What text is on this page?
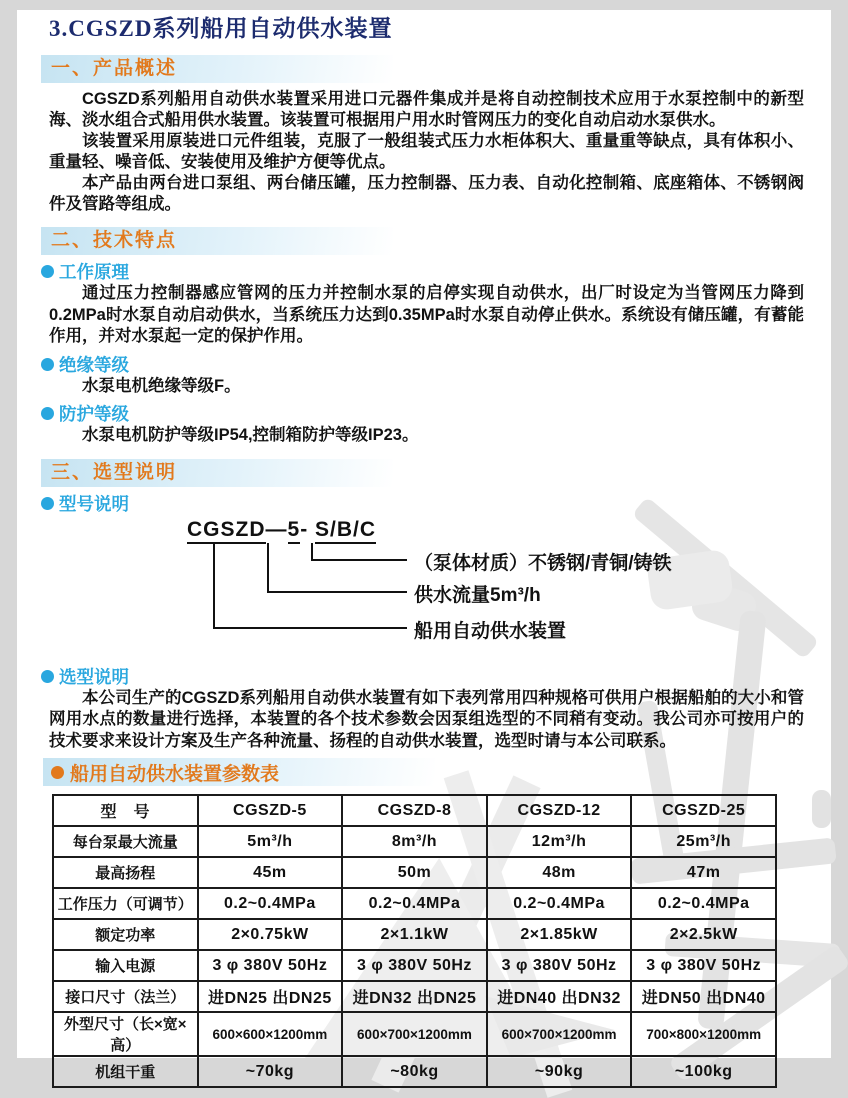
3.CGSZD系列船用自动供水装置
一、产品概述

CGSZD系列船用自动供水装置采用进口元器件集成并是将自动控制技术应用于水泵控制中的新型海、淡水组合式船用供水装置。该装置可根据用户用水时管网压力的变化自动启动水泵供水。

该装置采用原装进口元件组装，克服了一般组装式压力水柜体积大、重量重等缺点，具有体积小、重量轻、噪音低、安装使用及维护方便等优点。

本产品由两台进口泵组、两台储压罐，压力控制器、压力表、自动化控制箱、底座箱体、不锈钢阀件及管路等组成。

二、技术特点
工作原理

通过压力控制器感应管网的压力并控制水泵的启停实现自动供水，出厂时设定为当管网压力降到0.2MPa时水泵自动启动供水，当系统压力达到0.35MPa时水泵自动停止供水。系统设有储压罐，有蓄能作用，并对水泵起一定的保护作用。

绝缘等级

水泵电机绝缘等级F。

防护等级

水泵电机防护等级IP54,控制箱防护等级IP23。

三、选型说明
型号说明
CGSZD—5- S/B/C
（泵体材质）不锈钢/青铜/铸铁
供水流量5m³/h
船用自动供水装置
选型说明

本公司生产的CGSZD系列船用自动供水装置有如下表列常用四种规格可供用户根据船舶的大小和管网用水点的数量进行选择，本装置的各个技术参数会因泵组选型的不同稍有变动。我公司亦可按用户的技术要求来设计方案及生产各种流量、扬程的自动供水装置，选型时请与本公司联系。

船用自动供水装置参数表
型　号	CGSZD-5	CGSZD-8	CGSZD-12	CGSZD-25
每台泵最大流量	5m³/h	8m³/h	12m³/h	25m³/h
最高扬程	45m	50m	48m	47m
工作压力（可调节）	0.2~0.4MPa	0.2~0.4MPa	0.2~0.4MPa	0.2~0.4MPa
额定功率	2×0.75kW	2×1.1kW	2×1.85kW	2×2.5kW
输入电源	3 φ 380V 50Hz	3 φ 380V 50Hz	3 φ 380V 50Hz	3 φ 380V 50Hz
接口尺寸（法兰）	进DN25 出DN25	进DN32 出DN25	进DN40 出DN32	进DN50 出DN40
外型尺寸（长×宽×高）	600×600×1200mm	600×700×1200mm	600×700×1200mm	700×800×1200mm
机组干重	~70kg	~80kg	~90kg	~100kg
